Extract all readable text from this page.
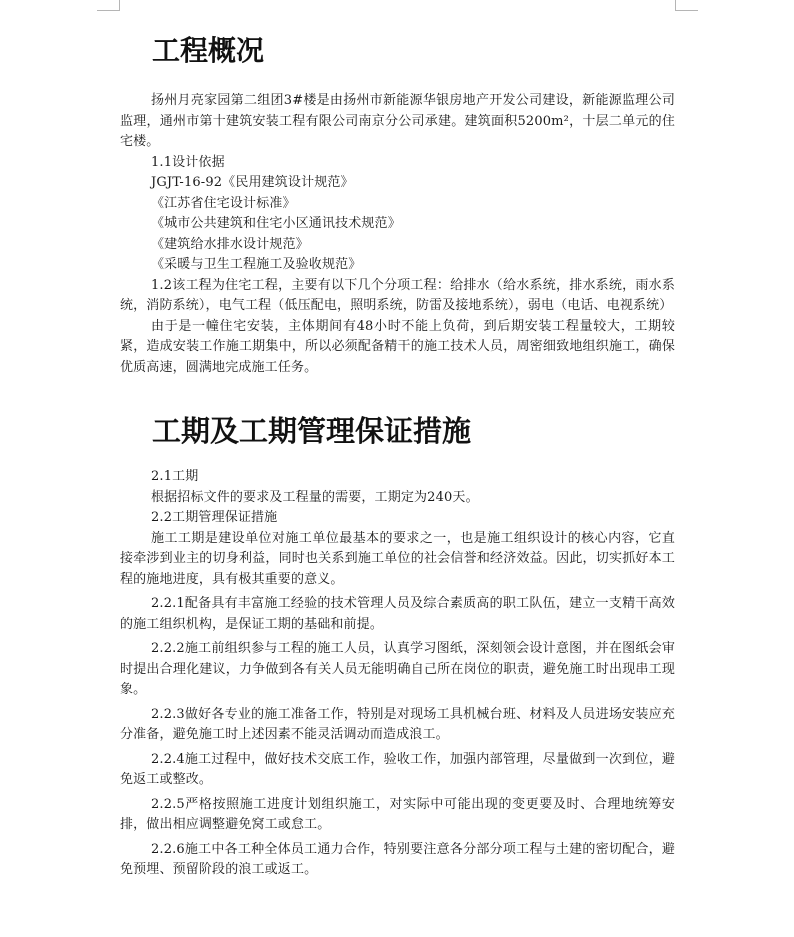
工程概况

扬州月亮家园第二组团3#楼是由扬州市新能源华银房地产开发公司建设，新能源监理公司监理，通州市第十建筑安装工程有限公司南京分公司承建。建筑面积5200m²，十层二单元的住宅楼。

1.1设计依据

JGJT-16-92《民用建筑设计规范》

《江苏省住宅设计标准》

《城市公共建筑和住宅小区通讯技术规范》

《建筑给水排水设计规范》

《采暖与卫生工程施工及验收规范》

1.2该工程为住宅工程，主要有以下几个分项工程：给排水（给水系统，排水系统，雨水系统，消防系统），电气工程（低压配电，照明系统，防雷及接地系统），弱电（电话、电视系统）

由于是一幢住宅安装，主体期间有48小时不能上负荷，到后期安装工程量较大，工期较紧，造成安装工作施工期集中，所以必须配备精干的施工技术人员，周密细致地组织施工，确保优质高速，圆满地完成施工任务。

工期及工期管理保证措施

2.1工期

根据招标文件的要求及工程量的需要，工期定为240天。

2.2工期管理保证措施

施工工期是建设单位对施工单位最基本的要求之一，也是施工组织设计的核心内容，它直接牵涉到业主的切身利益，同时也关系到施工单位的社会信誉和经济效益。因此，切实抓好本工程的施地进度，具有极其重要的意义。

2.2.1配备具有丰富施工经验的技术管理人员及综合素质高的职工队伍，建立一支精干高效的施工组织机构，是保证工期的基础和前提。

2.2.2施工前组织参与工程的施工人员，认真学习图纸，深刻领会设计意图，并在图纸会审时提出合理化建议，力争做到各有关人员无能明确自己所在岗位的职责，避免施工时出现串工现象。

2.2.3做好各专业的施工准备工作，特别是对现场工具机械台班、材料及人员进场安装应充分准备，避免施工时上述因素不能灵活调动而造成浪工。

2.2.4施工过程中，做好技术交底工作，验收工作，加强内部管理，尽量做到一次到位，避免返工或整改。

2.2.5严格按照施工进度计划组织施工，对实际中可能出现的变更要及时、合理地统筹安排，做出相应调整避免窝工或怠工。

2.2.6施工中各工种全体员工通力合作，特别要注意各分部分项工程与土建的密切配合，避免预埋、预留阶段的浪工或返工。
